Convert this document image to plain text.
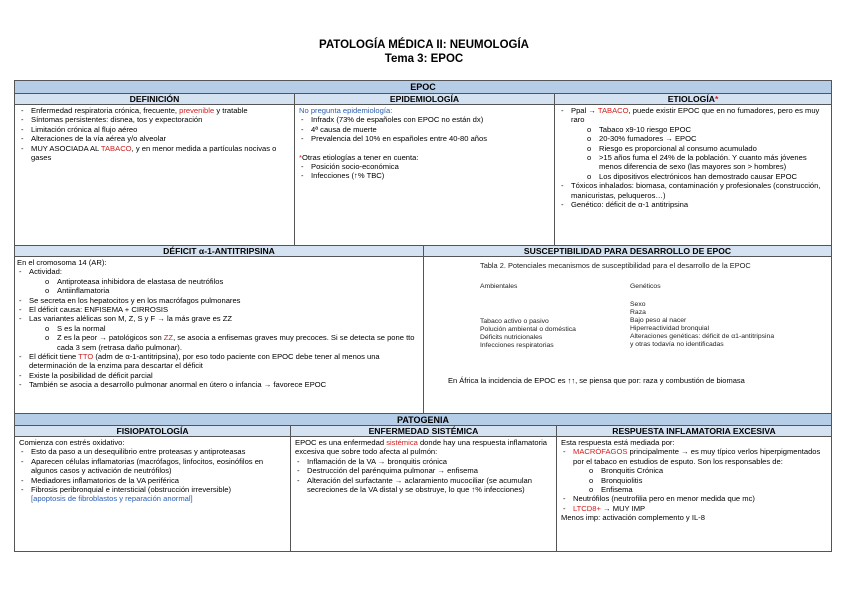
PATOLOGÍA MÉDICA II: NEUMOLOGÍA
Tema 3: EPOC
EPOC
DEFINICIÓN
- Enfermedad respiratoria crónica, frecuente, prevenible y tratable
- Síntomas persistentes: disnea, tos y expectoración
- Limitación crónica al flujo aéreo
- Alteraciones de la vía aérea y/o alveolar
- MUY ASOCIADA AL TABACO, y en menor medida a partículas nocivas o gases
EPIDEMIOLOGÍA
No pregunta epidemiología:
- Infradx (73% de españoles con EPOC no están dx)
- 4ª causa de muerte
- Prevalencia del 10% en españoles entre 40-80 años
*Otras etiologías a tener en cuenta:
- Posición socio-económica
- Infecciones (↑% TBC)
ETIOLOGÍA*
- Ppal → TABACO, puede existir EPOC que en no fumadores, pero es muy raro
o Tabaco x9-10 riesgo EPOC
o 20-30% fumadores → EPOC
o Riesgo es proporcional al consumo acumulado
o >15 años fuma el 24% de la población. Y cuanto más jóvenes menos diferencia de sexo (las mayores son > hombres)
o Los dipositivos electrónicos han demostrado causar EPOC
- Tóxicos inhalados: biomasa, contaminación y profesionales (construcción, manicuristas, peluqueros…)
- Genético: déficit de α-1 antitripsina
DÉFICIT α-1-ANTITRIPSINA
En el cromosoma 14 (AR):
- Actividad:
o Antiproteasa inhibidora de elastasa de neutrófilos
o Antiinflamatoria
- Se secreta en los hepatocitos y en los macrófagos pulmonares
- El déficit causa: ENFISEMA + CIRROSIS
- Las variantes alélicas son M, Z, S y F → la más grave es ZZ
o S es la normal
o Z es la peor → patológicos son ZZ, se asocia a enfisemas graves muy precoces. Si se detecta se pone tto cada 3 sem (retrasa daño pulmonar).
- El déficit tiene TTO (adm de α-1-antitripsina), por eso todo paciente con EPOC debe tener al menos una determinación de la enzima para descartar el déficit
- Existe la posibilidad de déficit parcial
- También se asocia a desarrollo pulmonar anormal en útero o infancia → favorece EPOC
SUSCEPTIBILIDAD PARA DESARROLLO DE EPOC
Tabla 2. Potenciales mecanismos de susceptibilidad para el desarrollo de la EPOC
Ambientales	Genéticos
Tabaco activo o pasivo
Polución ambiental o doméstica
Déficits nutricionales
Infecciones respiratorias
Sexo
Raza
Bajo peso al nacer
Hiperreactividad bronquial
Alteraciones genéticas: déficit de α1-antitripsina
y otras todavía no identificadas
En África la incidencia de EPOC es ↑↑, se piensa que por: raza y combustión de biomasa
PATOGENIA
FISIOPATOLOGÍA
Comienza con estrés oxidativo:
- Esto da paso a un desequilibrio entre proteasas y antiproteasas
- Aparecen células inflamatorias (macrófagos, linfocitos, eosinófilos en algunos casos y activación de neutrófilos)
- Mediadores inflamatorios de la VA periférica
- Fibrosis peribronquial e intersticial (obstrucción irreversible)
[apoptosis de fibroblastos y reparación anormal]
ENFERMEDAD SISTÉMICA
EPOC es una enfermedad sistémica donde hay una respuesta inflamatoria excesiva que sobre todo afecta al pulmón:
- Inflamación de la VA → bronquitis crónica
- Destrucción del parénquima pulmonar → enfisema
- Alteración del surfactante → aclaramiento mucociliar (se acumulan secreciones de la VA distal y se obstruye, lo que ↑% infecciones)
RESPUESTA INFLAMATORIA EXCESIVA
Esta respuesta está mediada por:
- MACRÓFAGOS principalmente → es muy típico verlos hiperpigmentados por el tabaco en estudios de esputo. Son los responsables de:
o Bronquitis Crónica
o Bronquiolitis
o Enfisema
- Neutrófilos (neutrofilia pero en menor medida que mc)
- LTCD8+ → MUY IMP
Menos imp: activación complemento y IL-8
